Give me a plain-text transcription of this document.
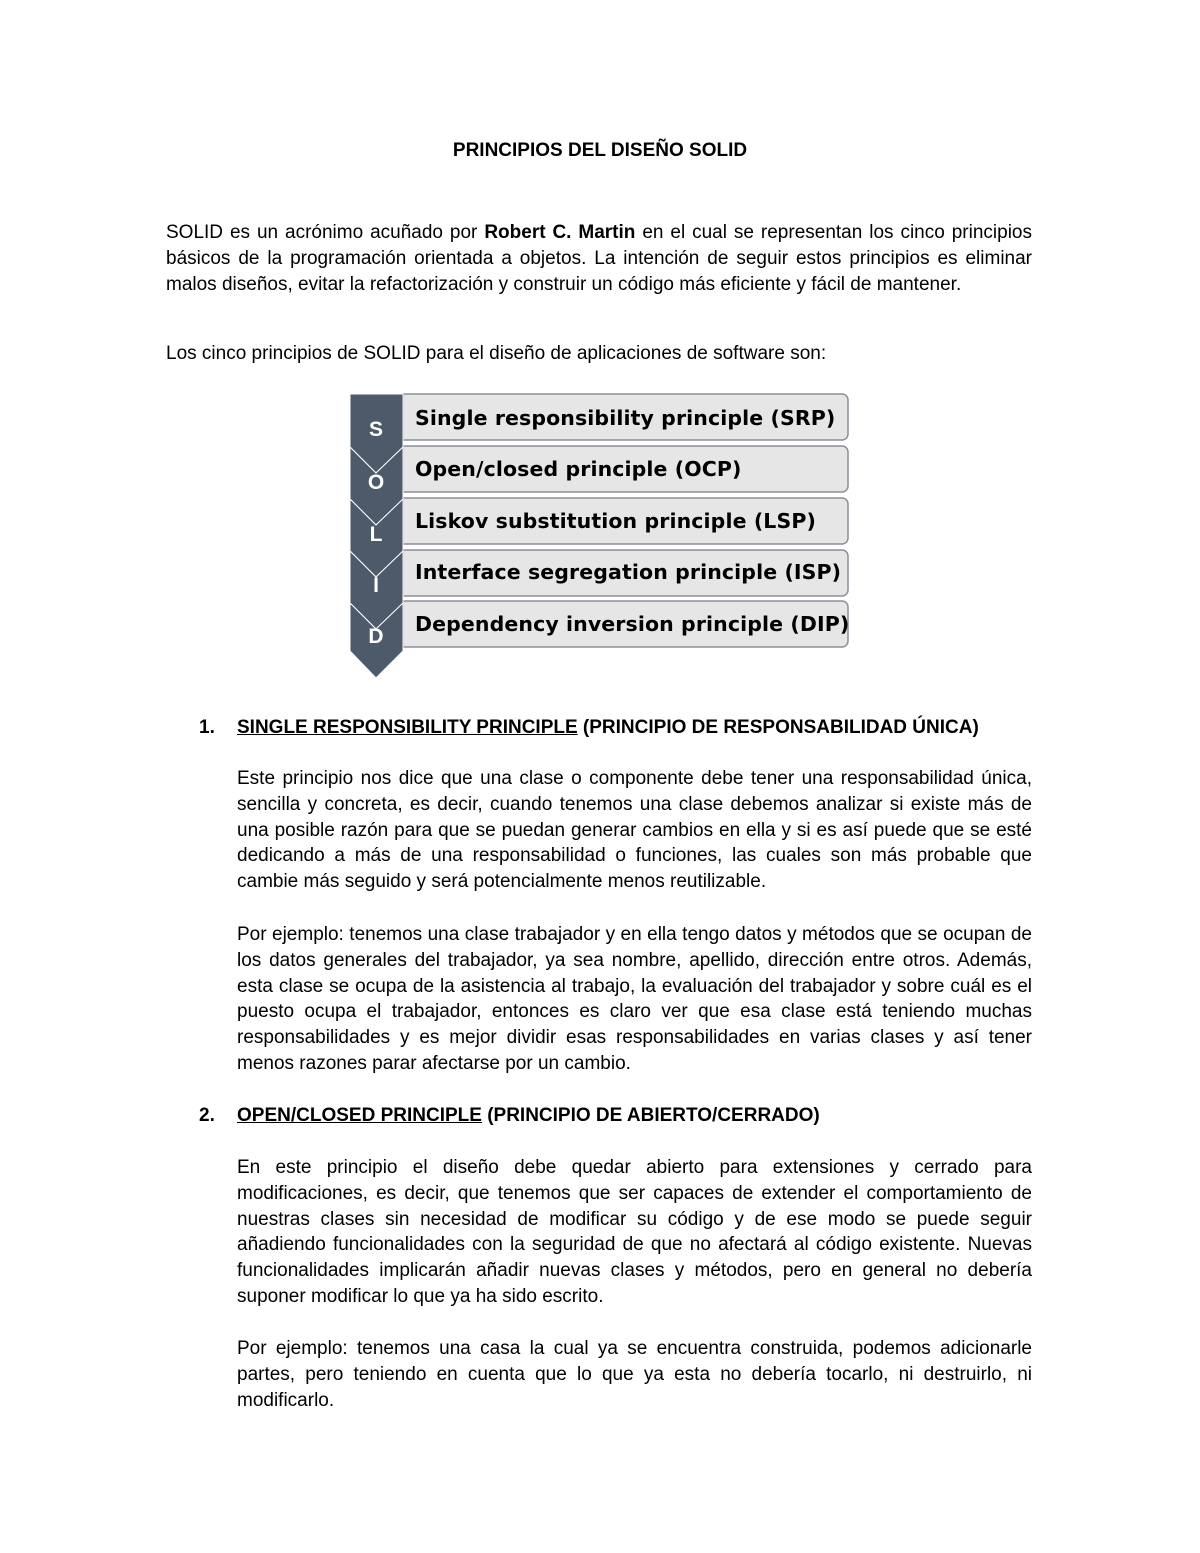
PRINCIPIOS DEL DISEÑO SOLID

SOLID es un acrónimo acuñado por Robert C. Martin en el cual se representan los cinco principios básicos de la programación orientada a objetos. La intención de seguir estos principios es eliminar malos diseños, evitar la refactorización y construir un código más eficiente y fácil de mantener.

Los cinco principios de SOLID para el diseño de aplicaciones de software son:

S
O
L
I
D
Single responsibility principle (SRP)
Open/closed principle (OCP)
Liskov substitution principle (LSP)
Interface segregation principle (ISP)
Dependency inversion principle (DIP)
1. SINGLE RESPONSIBILITY PRINCIPLE (PRINCIPIO DE RESPONSABILIDAD ÚNICA)

Este principio nos dice que una clase o componente debe tener una responsabilidad única, sencilla y concreta, es decir, cuando tenemos una clase debemos analizar si existe más de una posible razón para que se puedan generar cambios en ella y si es así puede que se esté dedicando a más de una responsabilidad o funciones, las cuales son más probable que cambie más seguido y será potencialmente menos reutilizable.

Por ejemplo: tenemos una clase trabajador y en ella tengo datos y métodos que se ocupan de los datos generales del trabajador, ya sea nombre, apellido, dirección entre otros. Además, esta clase se ocupa de la asistencia al trabajo, la evaluación del trabajador y sobre cuál es el puesto ocupa el trabajador, entonces es claro ver que esa clase está teniendo muchas responsabilidades y es mejor dividir esas responsabilidades en varias clases y así tener menos razones parar afectarse por un cambio.

2. OPEN/CLOSED PRINCIPLE (PRINCIPIO DE ABIERTO/CERRADO)

En este principio el diseño debe quedar abierto para extensiones y cerrado para modificaciones, es decir, que tenemos que ser capaces de extender el comportamiento de nuestras clases sin necesidad de modificar su código y de ese modo se puede seguir añadiendo funcionalidades con la seguridad de que no afectará al código existente. Nuevas funcionalidades implicarán añadir nuevas clases y métodos, pero en general no debería suponer modificar lo que ya ha sido escrito.

Por ejemplo: tenemos una casa la cual ya se encuentra construida, podemos adicionarle partes, pero teniendo en cuenta que lo que ya esta no debería tocarlo, ni destruirlo, ni modificarlo.
